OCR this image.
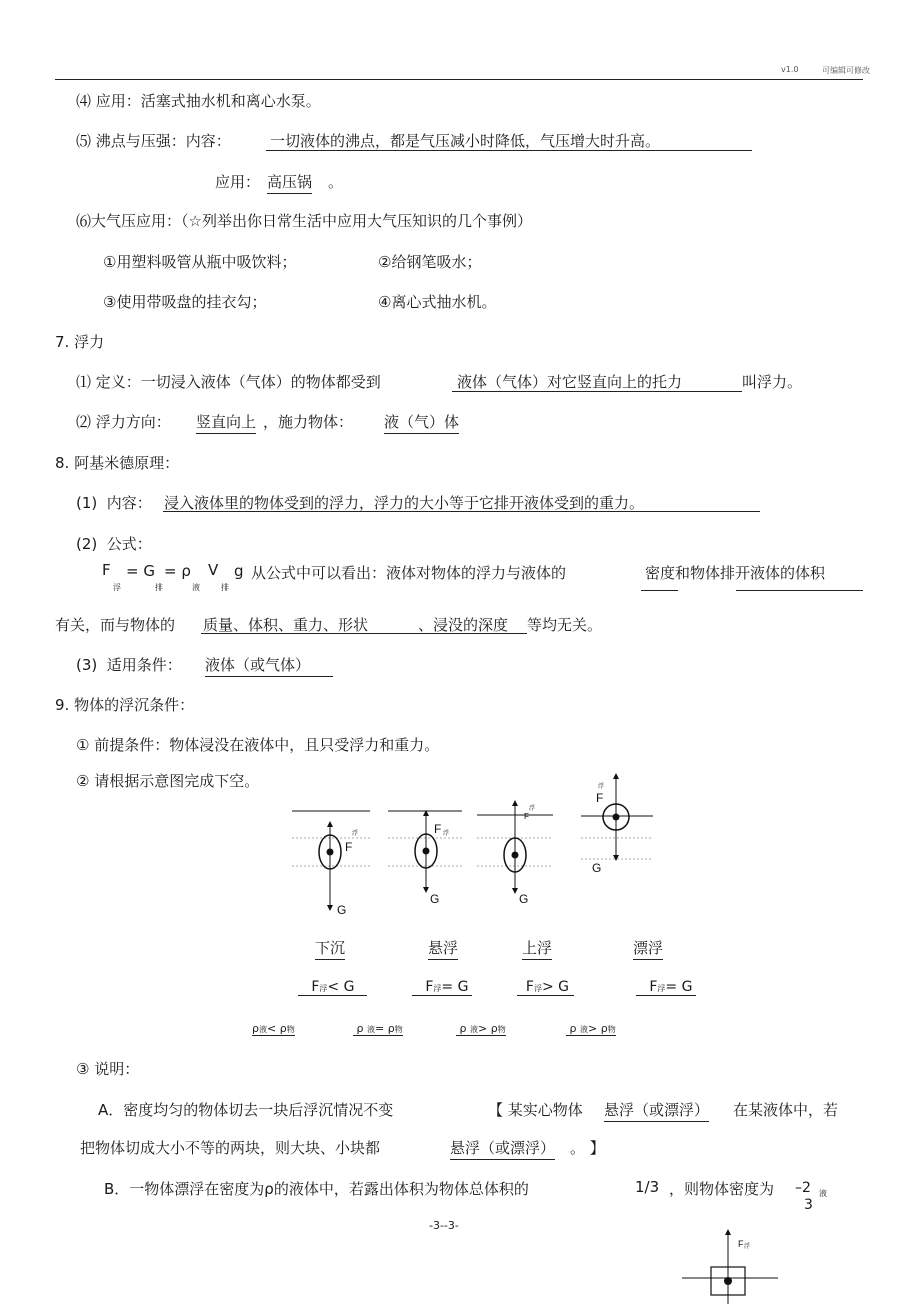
v1.0	可编辑可修改
⑷ 应用：活塞式抽水机和离心水泵。
⑸ 沸点与压强：内容：	一切液体的沸点，都是气压减小时降低，气压增大时升高。
应用： 高压锅 。
⑹大气压应用：（☆列举出你日常生活中应用大气压知识的几个事例）
①用塑料吸管从瓶中吸饮料；	②给钢笔吸水；
③使用带吸盘的挂衣勾；	④离心式抽水机。
7. 浮力
⑴ 定义：一切浸入液体（气体）的物体都受到	液体（气体）对它竖直向上的托力	叫浮力。
⑵ 浮力方向： 竖直向上 ，施力物体： 液（气）体
8. 阿基米德原理：
(1) 内容： 浸入液体里的物体受到的浮力，浮力的大小等于它排开液体受到的重力。
(2) 公式：
F = G = ρ V g
浮	排	液	排
从公式中可以看出：液体对物体的浮力与液体的	密度和物体排开液体的体积
有关，而与物体的 质量、体积、重力、形状	、浸没的深度 等均无关。
(3) 适用条件： 液体（或气体）
9. 物体的浮沉条件：
① 前提条件：物体浸没在液体中，且只受浮力和重力。
② 请根据示意图完成下空。
浮
F
G
F 浮
G
浮
F
G
浮
F
G
F 浮
下沉	悬浮	上浮	漂浮
F浮< G	F浮= G	F浮> G	F浮= G
ρ液< ρ物	ρ 液= ρ物	ρ 液> ρ物	ρ 液> ρ物
③ 说明：
A．密度均匀的物体切去一块后浮沉情况不变	【 某实心物体 悬浮（或漂浮） 在某液体中，若
把物体切成大小不等的两块，则大块、小块都	悬浮（或漂浮） 。 】
B．一物体漂浮在密度为ρ的液体中，若露出体积为物体总体积的	1/3 ，则物体密度为 –2 液
3
-3--3-
